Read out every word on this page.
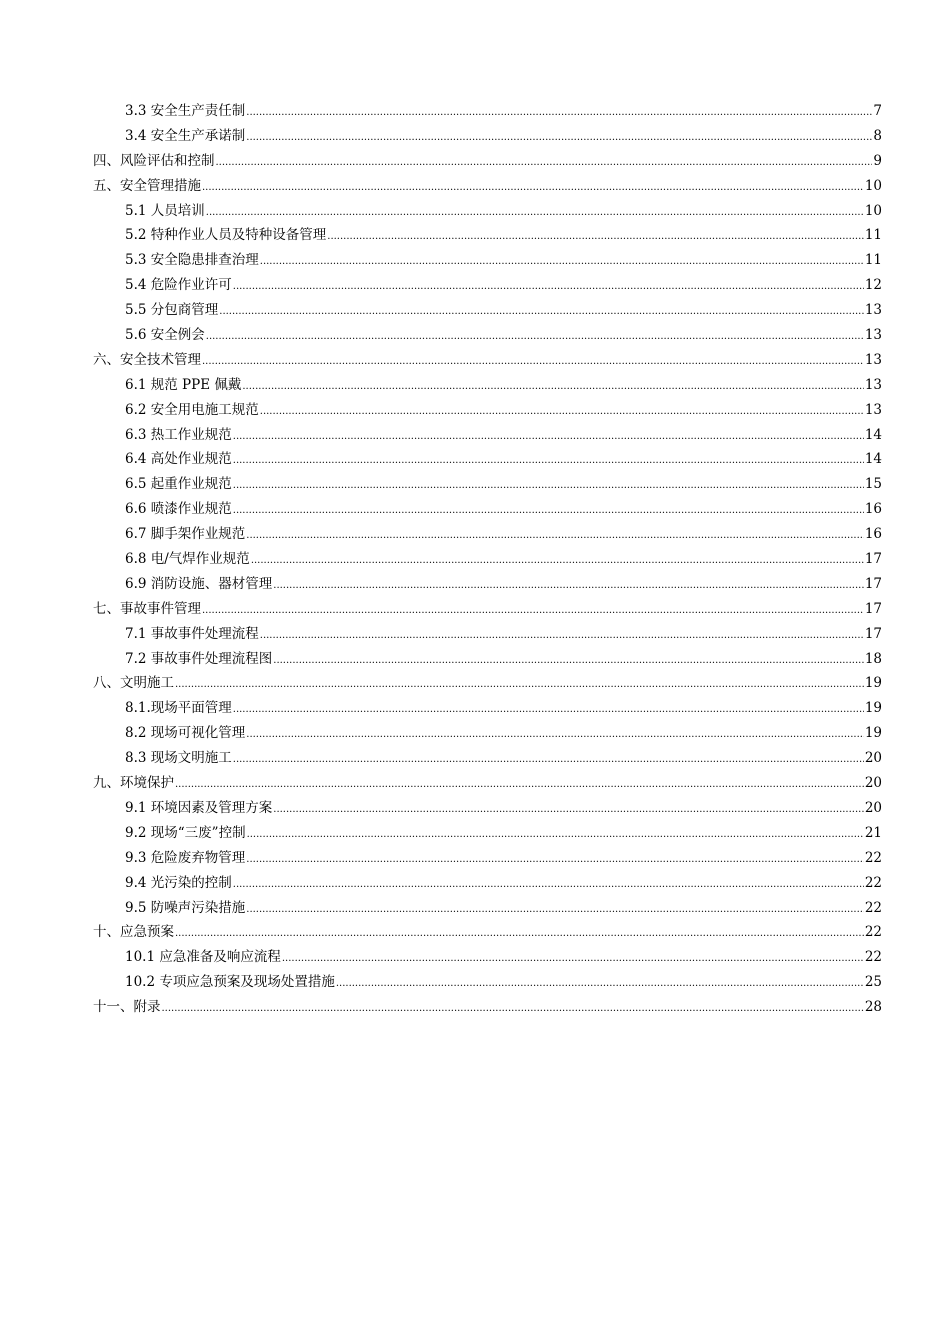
3.3 安全生产责任制 .....	7
3.4 安全生产承诺制 .....	8
四、风险评估和控制 .....	9
五、安全管理措施 .....	10
5.1 人员培训 .....	10
5.2 特种作业人员及特种设备管理 .....	11
5.3 安全隐患排查治理 .....	11
5.4 危险作业许可 .....	12
5.5 分包商管理 .....	13
5.6 安全例会 .....	13
六、安全技术管理 .....	13
6.1 规范 PPE 佩戴 .....	13
6.2 安全用电施工规范 .....	13
6.3 热工作业规范 .....	14
6.4 高处作业规范 .....	14
6.5 起重作业规范 .....	15
6.6 喷漆作业规范 .....	16
6.7 脚手架作业规范 .....	16
6.8 电/气焊作业规范 .....	17
6.9 消防设施、器材管理 .....	17
七、事故事件管理 .....	17
7.1 事故事件处理流程 .....	17
7.2 事故事件处理流程图 .....	18
八、文明施工 .....	19
8.1.现场平面管理 .....	19
8.2 现场可视化管理 .....	19
8.3 现场文明施工 .....	20
九、环境保护 .....	20
9.1 环境因素及管理方案 .....	20
9.2 现场“三废”控制 .....	21
9.3 危险废弃物管理 .....	22
9.4 光污染的控制 .....	22
9.5 防噪声污染措施 .....	22
十、应急预案 .....	22
10.1 应急准备及响应流程 .....	22
10.2 专项应急预案及现场处置措施 .....	25
十一、附录 .....	28
